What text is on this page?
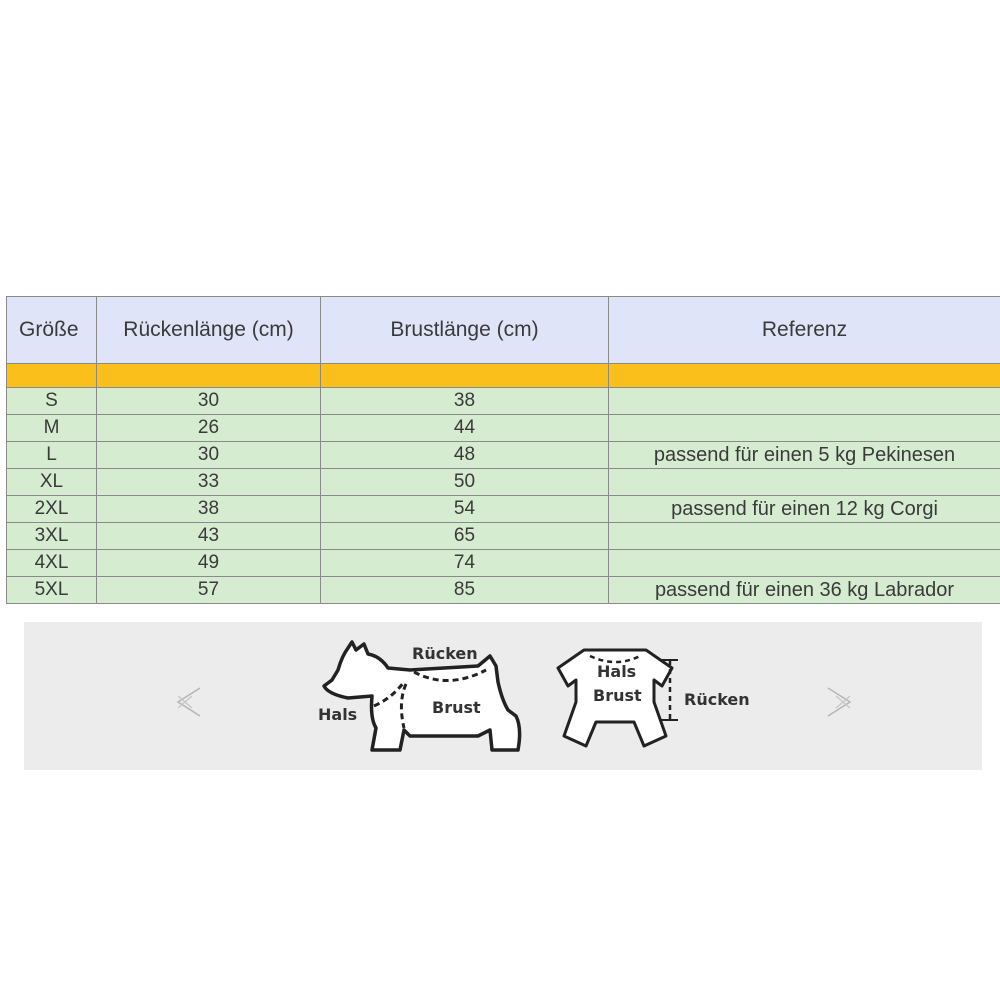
Größe	Rückenlänge (cm)	Brustlänge (cm)	Referenz

S	30	38	
M	26	44	
L	30	48	passend für einen 5 kg Pekinesen
XL	33	50	
2XL	38	54	passend für einen 12 kg Corgi
3XL	43	65	
4XL	49	74	
5XL	57	85	passend für einen 36 kg Labrador
Rücken
Hals	Brust
Hals
Brust	Rücken
